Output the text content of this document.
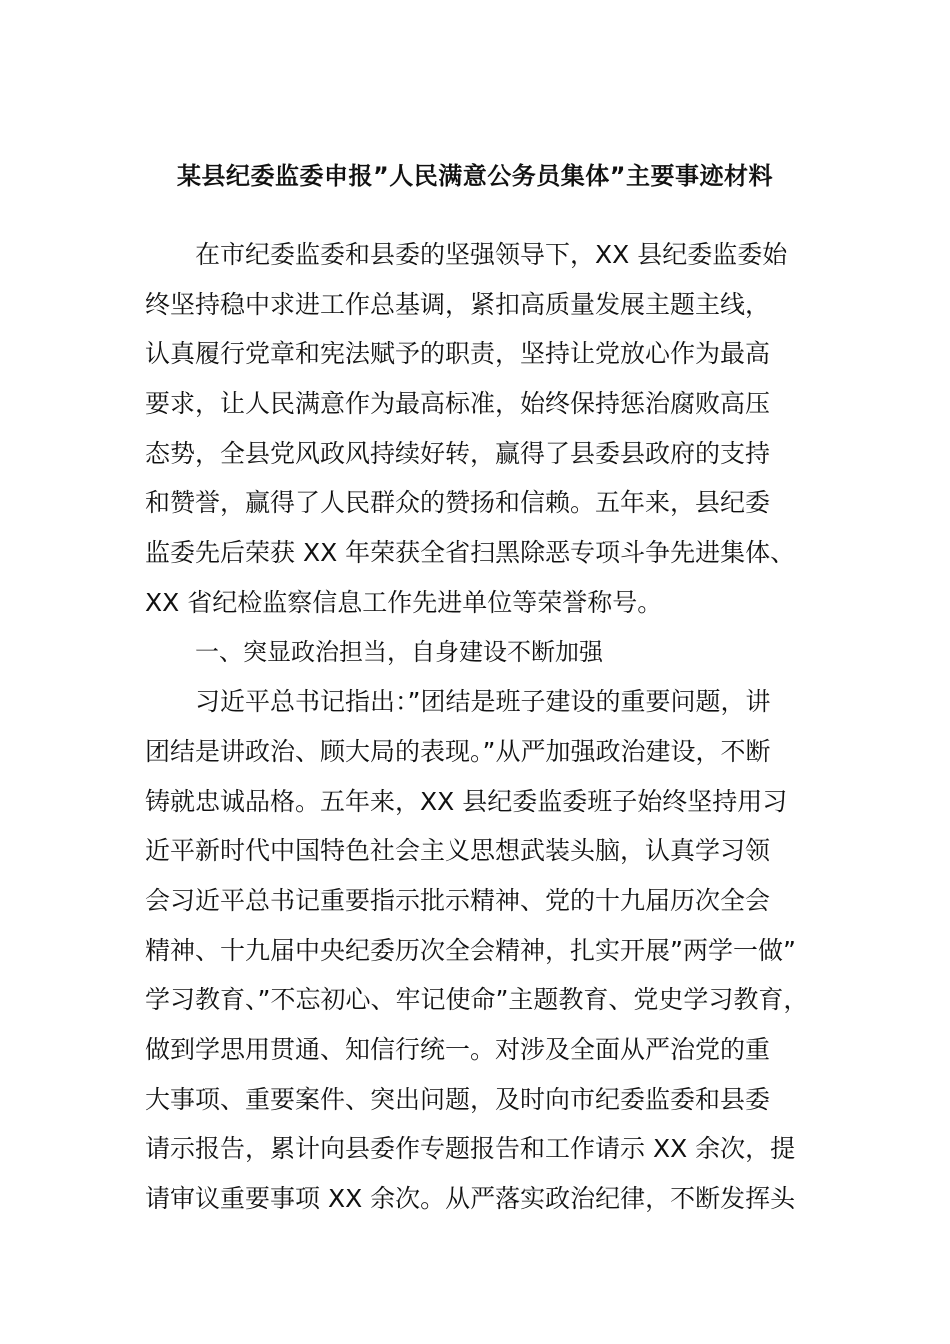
某县纪委监委申报”人民满意公务员集体”主要事迹材料
在市纪委监委和县委的坚强领导下，XX 县纪委监委始
终坚持稳中求进工作总基调，紧扣高质量发展主题主线，
认真履行党章和宪法赋予的职责，坚持让党放心作为最高
要求，让人民满意作为最高标准，始终保持惩治腐败高压
态势，全县党风政风持续好转，赢得了县委县政府的支持
和赞誉，赢得了人民群众的赞扬和信赖。五年来，县纪委
监委先后荣获 XX 年荣获全省扫黑除恶专项斗争先进集体、
XX 省纪检监察信息工作先进单位等荣誉称号。
一、突显政治担当，自身建设不断加强
习近平总书记指出：”团结是班子建设的重要问题，讲
团结是讲政治、顾大局的表现。”从严加强政治建设，不断
铸就忠诚品格。五年来，XX 县纪委监委班子始终坚持用习
近平新时代中国特色社会主义思想武装头脑，认真学习领
会习近平总书记重要指示批示精神、党的十九届历次全会
精神、十九届中央纪委历次全会精神，扎实开展”两学一做”
学习教育、”不忘初心、牢记使命”主题教育、党史学习教育，
做到学思用贯通、知信行统一。对涉及全面从严治党的重
大事项、重要案件、突出问题，及时向市纪委监委和县委
请示报告，累计向县委作专题报告和工作请示 XX 余次，提
请审议重要事项 XX 余次。从严落实政治纪律，不断发挥头
